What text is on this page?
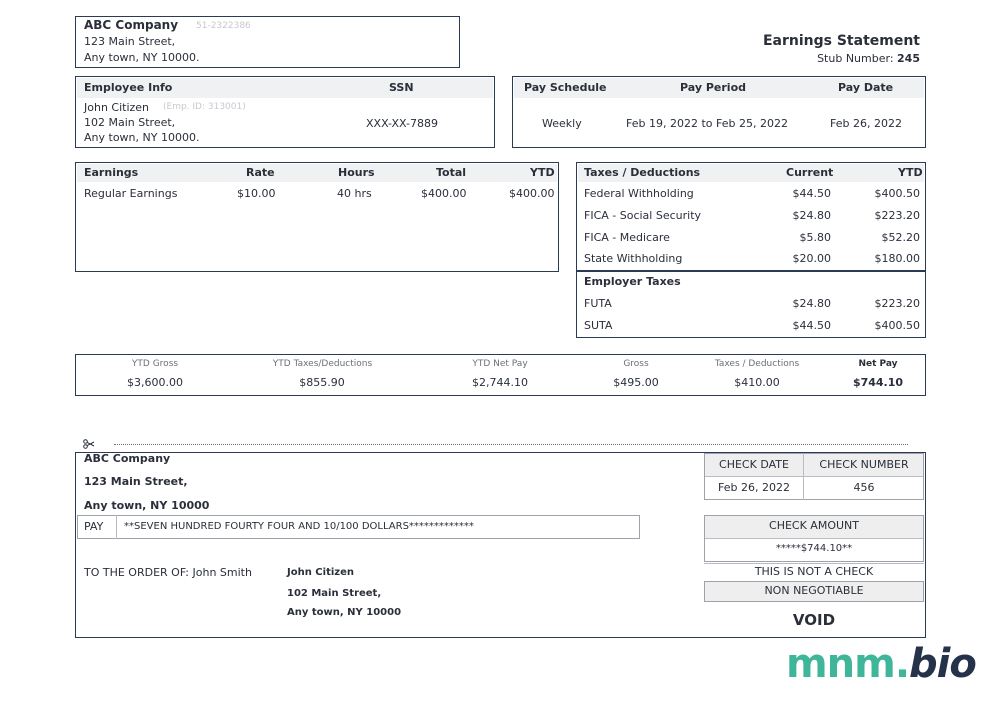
ABC Company 51-2322386
123 Main Street,
Any town, NY 10000.
Earnings Statement
Stub Number: 245
Employee Info	SSN
John Citizen (Emp. ID: 313001)
102 Main Street,
Any town, NY 10000.
XXX-XX-7889
Pay Schedule	Pay Period	Pay Date
Weekly	Feb 19, 2022 to Feb 25, 2022	Feb 26, 2022
Earnings	Rate	Hours	Total	YTD
Regular Earnings	$10.00	40 hrs	$400.00	$400.00
Taxes / Deductions	Current	YTD
Federal Withholding	$44.50	$400.50
FICA - Social Security	$24.80	$223.20
FICA - Medicare	$5.80	$52.20
State Withholding	$20.00	$180.00
Employer Taxes
FUTA	$24.80	$223.20
SUTA	$44.50	$400.50
YTD Gross	YTD Taxes/Deductions	YTD Net Pay	Gross	Taxes / Deductions	Net Pay
$3,600.00	$855.90	$2,744.10	$495.00	$410.00	$744.10
ABC Company
123 Main Street,
Any town, NY 10000
PAY **SEVEN HUNDRED FOURTY FOUR AND 10/100 DOLLARS*************
TO THE ORDER OF: John Smith	John Citizen
102 Main Street,
Any town, NY 10000
CHECK DATE	CHECK NUMBER
Feb 26, 2022	456
CHECK AMOUNT
*****$744.10**
THIS IS NOT A CHECK
NON NEGOTIABLE
VOID
mnm.bio
